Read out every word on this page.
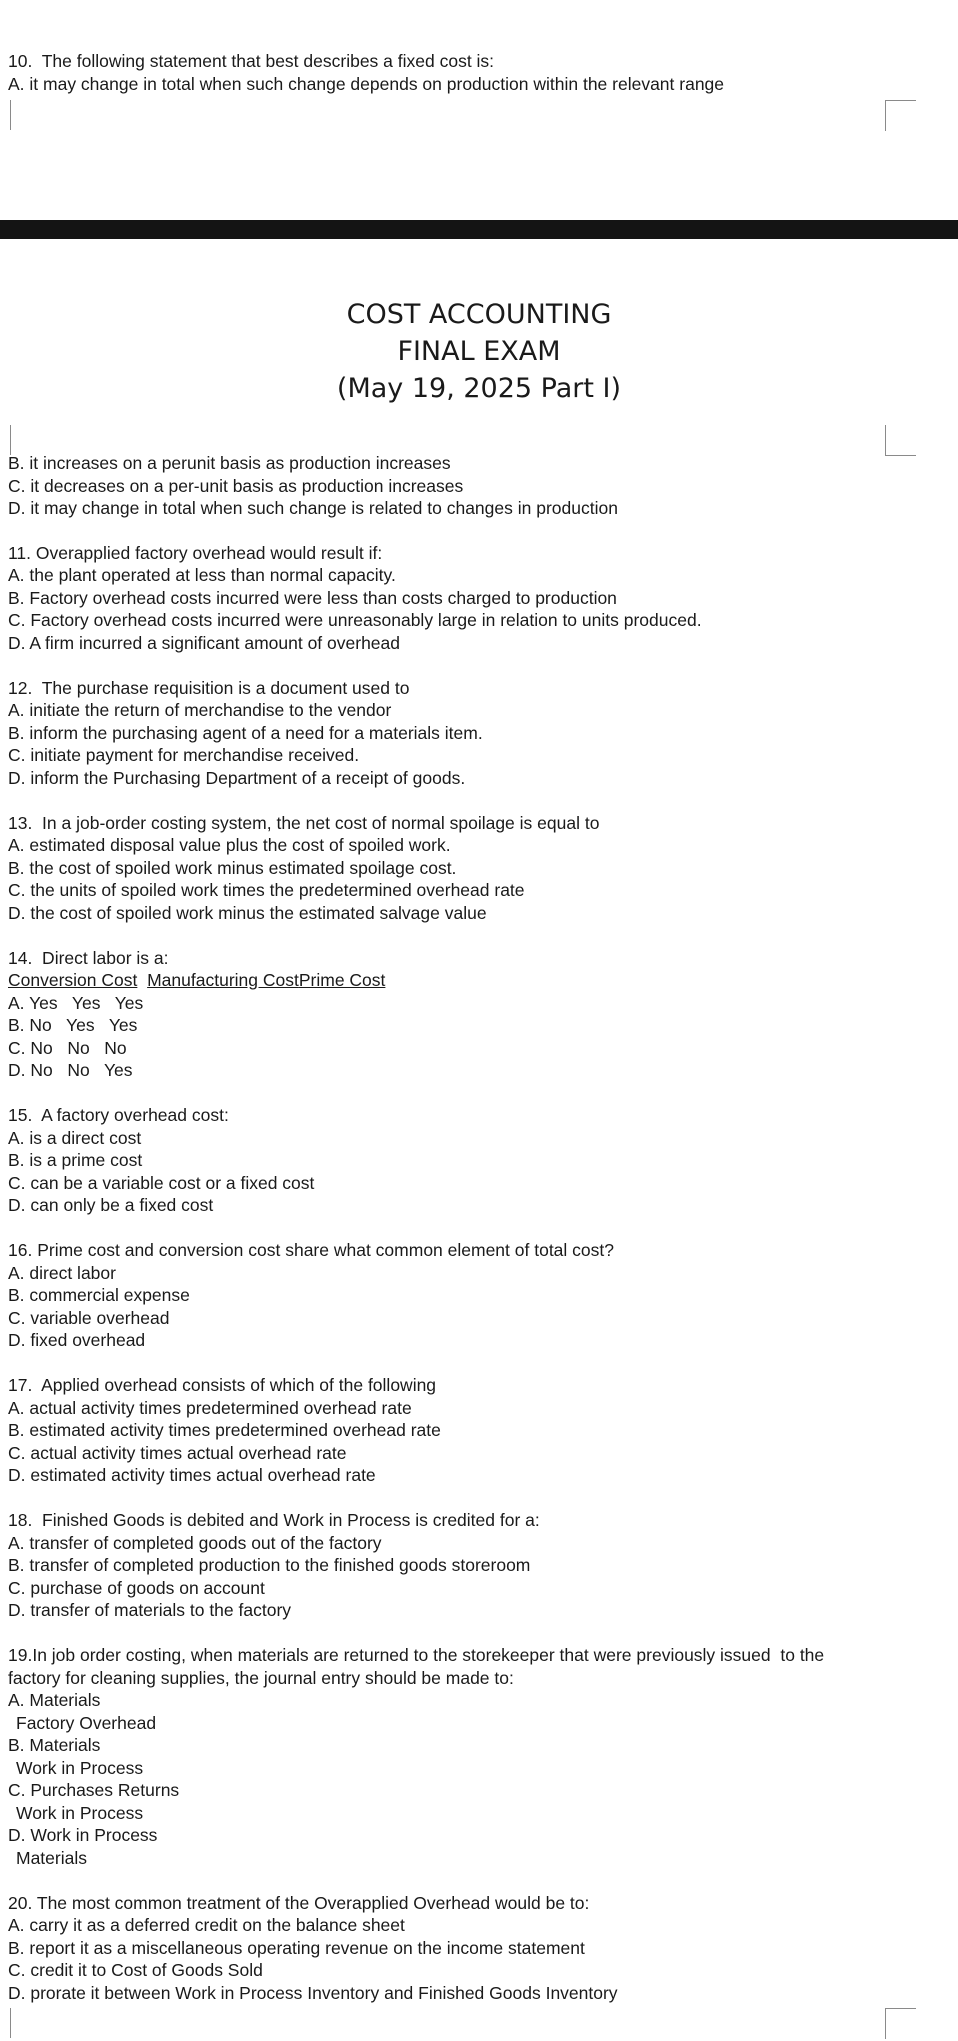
10.  The following statement that best describes a fixed cost is:
A. it may change in total when such change depends on production within the relevant range
COST ACCOUNTING
FINAL EXAM
(May 19, 2025 Part I)
B. it increases on a perunit basis as production increases
C. it decreases on a per-unit basis as production increases
D. it may change in total when such change is related to changes in production
11. Overapplied factory overhead would result if:
A. the plant operated at less than normal capacity.
B. Factory overhead costs incurred were less than costs charged to production
C. Factory overhead costs incurred were unreasonably large in relation to units produced.
D. A firm incurred a significant amount of overhead
12.  The purchase requisition is a document used to
A. initiate the return of merchandise to the vendor
B. inform the purchasing agent of a need for a materials item.
C. initiate payment for merchandise received.
D. inform the Purchasing Department of a receipt of goods.
13.  In a job-order costing system, the net cost of normal spoilage is equal to
A. estimated disposal value plus the cost of spoiled work.
B. the cost of spoiled work minus estimated spoilage cost.
C. the units of spoiled work times the predetermined overhead rate
D. the cost of spoiled work minus the estimated salvage value
14.  Direct labor is a:
Conversion Cost Manufacturing CostPrime Cost
A. Yes   Yes   Yes
B. No   Yes   Yes
C. No   No   No
D. No   No   Yes
15.  A factory overhead cost:
A. is a direct cost
B. is a prime cost
C. can be a variable cost or a fixed cost
D. can only be a fixed cost
16. Prime cost and conversion cost share what common element of total cost?
A. direct labor
B. commercial expense
C. variable overhead
D. fixed overhead
17.  Applied overhead consists of which of the following
A. actual activity times predetermined overhead rate
B. estimated activity times predetermined overhead rate
C. actual activity times actual overhead rate
D. estimated activity times actual overhead rate
18.  Finished Goods is debited and Work in Process is credited for a:
A. transfer of completed goods out of the factory
B. transfer of completed production to the finished goods storeroom
C. purchase of goods on account
D. transfer of materials to the factory
19.In job order costing, when materials are returned to the storekeeper that were previously issued  to the
factory for cleaning supplies, the journal entry should be made to:
A. Materials
Factory Overhead
B. Materials
Work in Process
C. Purchases Returns
Work in Process
D. Work in Process
Materials
20. The most common treatment of the Overapplied Overhead would be to:
A. carry it as a deferred credit on the balance sheet
B. report it as a miscellaneous operating revenue on the income statement
C. credit it to Cost of Goods Sold
D. prorate it between Work in Process Inventory and Finished Goods Inventory
